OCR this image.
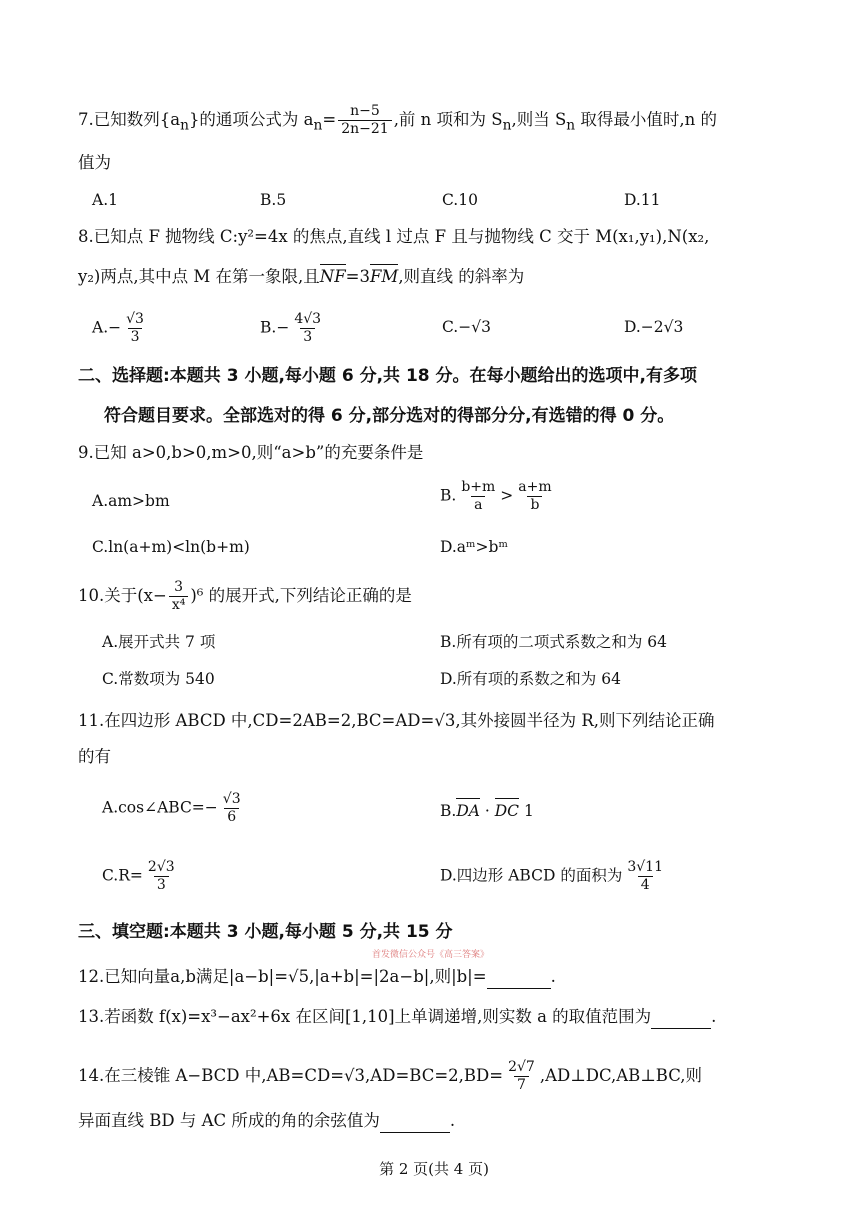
7.已知数列$\{a_n\}$的通项公式为 $a_n= \frac{n-5}{2n-21}$ ,前 n 项和为 $S_n$,则当 $S_n$ 取得最小值时,n 的
值为
A.1	B.5	C.10	D.11
8.已知点 F 抛物线 C:y²=4x 的焦点,直线 l 过点 F 且与抛物线 C 交于 M(x₁,y₁),N(x₂,
y₂)两点,其中点 M 在第一象限,且NF=3FM,则直线 的斜率为
$A.- \frac{√3}{3}$	$B.- \frac{4√3}{3}$	C.−√3	D.−2√3
二、选择题:本题共 3 小题,每小题 6 分,共 18 分。在每小题给出的选项中,有多项
符合题目要求。全部选对的得 6 分,部分选对的得部分分,有选错的得 0 分。
9.已知 a>0,b>0,m>0,则“a>b”的充要条件是
A.am>bm	B. $\frac{b+m}{a} > \frac{a+m}{b}$
C.ln(a+m)<ln(b+m)	D.aᵐ>bᵐ
10.关于$(x- \frac{3}{\text{x⁴}} )^6$ 的展开式,下列结论正确的是
A.展开式共 7 项	B.所有项的二项式系数之和为 64
C.常数项为 540	D.所有项的系数之和为 64
11.在四边形 ABCD 中,CD=2AB=2,BC=AD=√3,其外接圆半径为 R,则下列结论正确
的有
A.cos∠ABC=− $\frac{√3}{6}$	B.DA · DC 1
$C.R= \frac{2√3}{3}$	D.四边形 ABCD 的面积为 $\frac{3√11}{4}$
三、填空题:本题共 3 小题,每小题 5 分,共 15 分
首发微信公众号《高三答案》
12.已知向量a,b满足|a−b|=√5,|a+b|=|2a−b|,则|b|=	.
13.若函数 f(x)=x³−ax²+6x 在区间[1,10]上单调递增,则实数 a 的取值范围为	.
14.在三棱锥 A−BCD 中$,AB=CD=√3,AD=BC=2,BD= \frac{2√7}{7}$ ,AD⊥DC,AB⊥BC,则
异面直线 BD 与 AC 所成的角的余弦值为	.
第 2 页(共 4 页)
